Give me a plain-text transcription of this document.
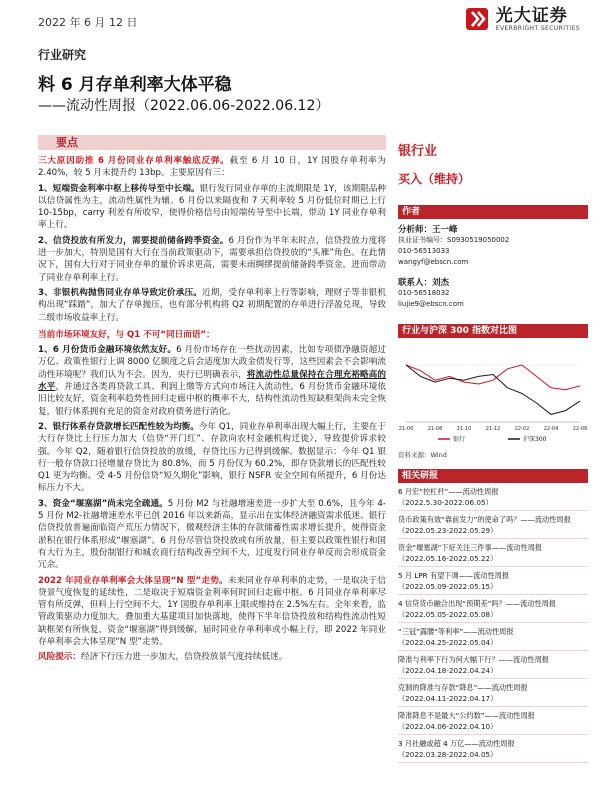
2022 年 6 月 12 日	光大证券
EVERBRIGHT SECURITIES
行业研究
料 6 月存单利率大体平稳
——流动性周报（2022.06.06-2022.06.12）
要点

三大原因助推 6 月份同业存单利率触底反弹。截至 6 月 10 日，1Y 国股存单利率为 2.40%，较 5 月末提升约 13bp。主要原因有三：

1、短端资金利率中枢上移传导至中长端。银行发行同业存单的主流期限是 1Y，该期限品种以信贷属性为主，流动性属性为辅。6 月份以来隔夜和 7 天利率较 5 月份低位时期已上行 10-15bp，carry 利差有所收窄，使得价格信号由短端传导至中长端，带动 1Y 同业存单利率上行。

2、信贷投放有所发力，需要提前储备跨季资金。6 月份作为半年末时点，信贷投放力度将进一步加大，特别是国有大行在当前政策驱动下，需要承担信贷投放的“头雁”角色。在此情况下，国有大行对于同业存单的量价诉求更高，需要未雨绸缪提前储备跨季资金，进而带动了同业存单利率上行。

3、非银机构抛售同业存单导致定价承压。近期，受存单利率上行等影响，理财子等非银机构出现“踩踏”，加大了存单抛压，也有部分机构将 Q2 初期配置的存单进行浮盈兑现，导致二级市场收益率上行。

当前市场环境友好，与 Q1 不可“同日而语”：

1、6 月份货币金融环境依然友好。6 月份市场存在一些扰动因素，比如专项债净融资超过万亿、政策性银行上调 8000 亿额度之后会适度加大政金债发行等，这些因素会不会影响流动性环境呢？我们认为不会。因为，央行已明确表示，将流动性总量保持在合理充裕略高的水平，并通过各类再贷款工具、利润上缴等方式向市场注入流动性，6 月份货币金融环境依旧比较友好，资金利率趋势性回归走廊中枢的概率不大，结构性流动性短缺框架尚未完全恢复，银行体系拥有充足的资金对政府债务进行消化。

2、银行体系存贷款增长匹配性较为均衡。今年 Q1，同业存单利率出现大幅上行，主要在于大行存贷比上行压力加大（信贷“开门红”、存款向农村金融机构迁徙），导致提价诉求较强。今年 Q2，随着银行信贷投放的放缓，存贷比压力已得到缓解。数据显示：今年 Q1 银行一般存贷款口径增量存贷比为 80.8%，而 5 月份仅为 60.2%，即存贷款增长的匹配性较 Q1 更为均衡。受 4-5 月份信贷“短久期化”影响，银行 NSFR 安全空间有所提升，6 月份达标压力不大。

3、资金“堰塞湖”尚未完全疏通。5 月份 M2 与社融增速差进一步扩大至 0.6%，且今年 4-5 月份 M2-社融增速差水平已创 2016 年以来新高，显示出在实体经济融资需求低迷、银行信贷投放普遍面临资产荒压力情况下，微观经济主体的存款储蓄性需求增长提升，使得资金淤积在银行体系形成“堰塞湖”。6 月份尽管信贷投放或有所放量，但主要以政策性银行和国有大行为主，股份制银行和城农商行结构改善空间不大，过度发行同业存单反而会形成资金冗余。

2022 年同业存单利率会大体呈现“N 型”走势。未来同业存单利率的走势，一是取决于信贷景气度恢复的延续性，二是取决于短端资金利率何时回归走廊中枢。6 月同业存单利率尽管有所反弹，但料上行空间不大，1Y 国股存单利率上限或维持在 2.5%左右。全年来看，监管政策驱动力度加大，叠加重大基建项目加快落地，使得下半年信贷投放和结构性流动性短缺框架有所恢复，资金“堰塞湖”得到缓解，届时同业存单利率或小幅上行，即 2022 年同业存单利率会大体呈现“N 型”走势。

风险提示：经济下行压力进一步加大，信贷投放景气度持续低迷。

银行业
买入（维持）
作者
分析师：王一峰
执业证书编号：S0930519050002
010-56513033
wangyf@ebscn.com
联系人：刘杰
010-56518032
liujie9@ebscn.com
行业与沪深 300 指数对比图
21-06	21-08	21-10	21-12	22-02	22-04	22-06
银行	沪深300
资料来源：Wind
相关研报
6 月宏“控杠杆”——流动性周报
（2022.5.30-2022.06.05）
货币政策有效“靠前发力”的使命了吗？——流动性周报
（2022.05.23-2022.05.29）
资金“堰塞湖”下症关注三件事——流动性周报
（2022.05.16-2022.05.22）
5 月 LPR 有望下调——流动性周报
（2022.05.09-2022.05.15）
4 信贷货币融合出现“预期差”吗？——流动性周报
（2022.05.05-2022.05.08）
“三冠”露腰“等利率”——流动性周报
（2022.04.25-2022.05.04）
降准与利率下行为何大幅下行？——流动性周报
（2022.04.18-2022.04.24）
克制的降准与存款“降息”——流动性周报
（2022.04.11-2022.04.17）
降准降息不是最大“公约数”——流动性周报
（2022.04.06-2022.04.10）
3 月社融或超 4 万亿——流动性周报
（2022.03.28-2022.04.05）
